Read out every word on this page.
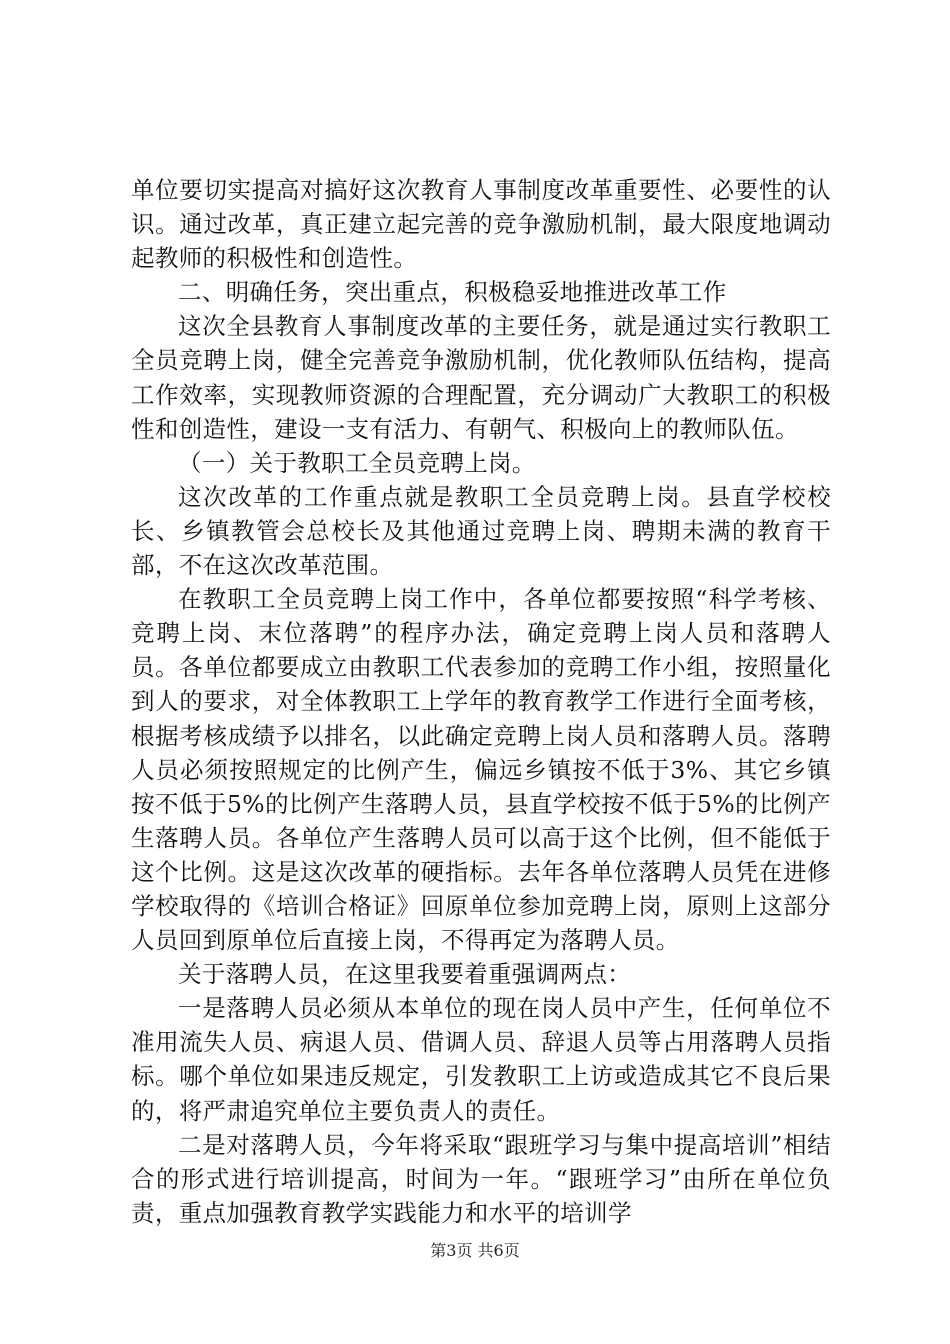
单位要切实提高对搞好这次教育人事制度改革重要性、必要性的认识。通过改革，真正建立起完善的竞争激励机制，最大限度地调动起教师的积极性和创造性。

二、明确任务，突出重点，积极稳妥地推进改革工作

这次全县教育人事制度改革的主要任务，就是通过实行教职工全员竞聘上岗，健全完善竞争激励机制，优化教师队伍结构，提高工作效率，实现教师资源的合理配置，充分调动广大教职工的积极性和创造性，建设一支有活力、有朝气、积极向上的教师队伍。

（一）关于教职工全员竞聘上岗。

这次改革的工作重点就是教职工全员竞聘上岗。县直学校校长、乡镇教管会总校长及其他通过竞聘上岗、聘期未满的教育干部，不在这次改革范围。

在教职工全员竞聘上岗工作中，各单位都要按照“科学考核、竞聘上岗、末位落聘”的程序办法，确定竞聘上岗人员和落聘人员。各单位都要成立由教职工代表参加的竞聘工作小组，按照量化到人的要求，对全体教职工上学年的教育教学工作进行全面考核，根据考核成绩予以排名，以此确定竞聘上岗人员和落聘人员。落聘人员必须按照规定的比例产生，偏远乡镇按不低于3%、其它乡镇按不低于5%的比例产生落聘人员，县直学校按不低于5%的比例产生落聘人员。各单位产生落聘人员可以高于这个比例，但不能低于这个比例。这是这次改革的硬指标。去年各单位落聘人员凭在进修学校取得的《培训合格证》回原单位参加竞聘上岗，原则上这部分人员回到原单位后直接上岗，不得再定为落聘人员。

关于落聘人员，在这里我要着重强调两点：

一是落聘人员必须从本单位的现在岗人员中产生，任何单位不准用流失人员、病退人员、借调人员、辞退人员等占用落聘人员指标。哪个单位如果违反规定，引发教职工上访或造成其它不良后果的，将严肃追究单位主要负责人的责任。

二是对落聘人员，今年将采取“跟班学习与集中提高培训”相结合的形式进行培训提高，时间为一年。“跟班学习”由所在单位负责，重点加强教育教学实践能力和水平的培训学

第3页 共6页
